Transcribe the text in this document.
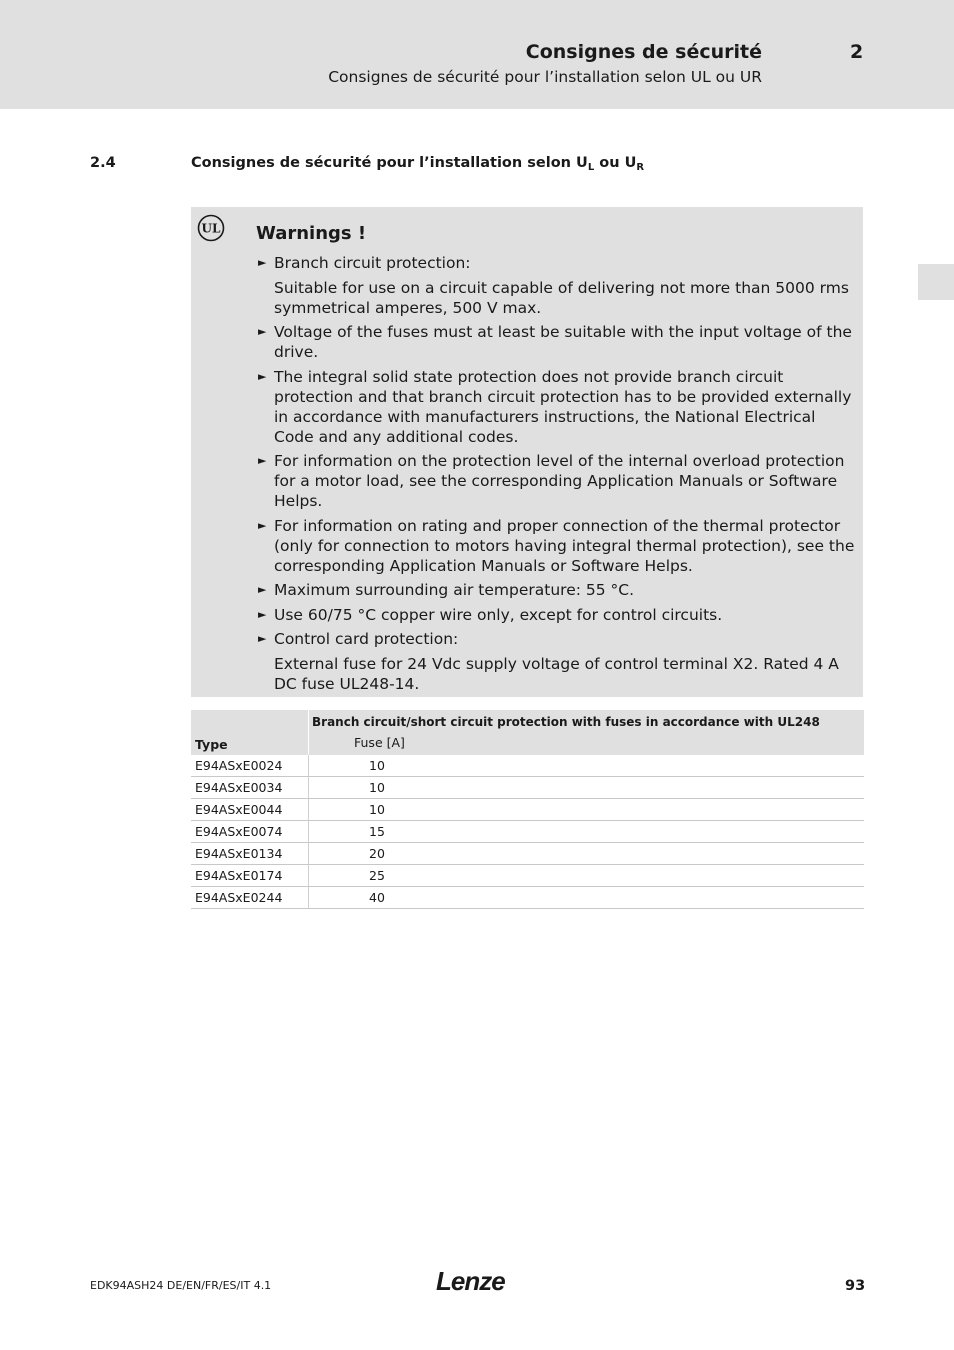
Consignes de sécurité	2
Consignes de sécurité pour l’installation selon UL ou UR
2.4	Consignes de sécurité pour l’installation selon $U_L$ ou $U_R$
UL Warnings !
► Branch circuit protection:
Suitable for use on a circuit capable of delivering not more than 5000 rms symmetrical amperes, 500 V max.
► Voltage of the fuses must at least be suitable with the input voltage of the drive.
► The integral solid state protection does not provide branch circuit protection and that branch circuit protection has to be provided externally in accordance with manufacturers instructions, the National Electrical Code and any additional codes.
► For information on the protection level of the internal overload protection for a motor load, see the corresponding Application Manuals or Software Helps.
► For information on rating and proper connection of the thermal protector (only for connection to motors having integral thermal protection), see the corresponding Application Manuals or Software Helps.
► Maximum surrounding air temperature: 55 °C.
► Use 60/75 °C copper wire only, except for control circuits.
► Control card protection:
External fuse for 24 Vdc supply voltage of control terminal X2. Rated 4 A DC fuse UL248-14.
Type		Branch circuit/short circuit protection with fuses in accordance with UL248
	Fuse [A]
E94ASxE0024		10
E94ASxE0034		10
E94ASxE0044		10
E94ASxE0074		15
E94ASxE0134		20
E94ASxE0174		25
E94ASxE0244		40
EDK94ASH24 DE/EN/FR/ES/IT 4.1	Lenze	93
